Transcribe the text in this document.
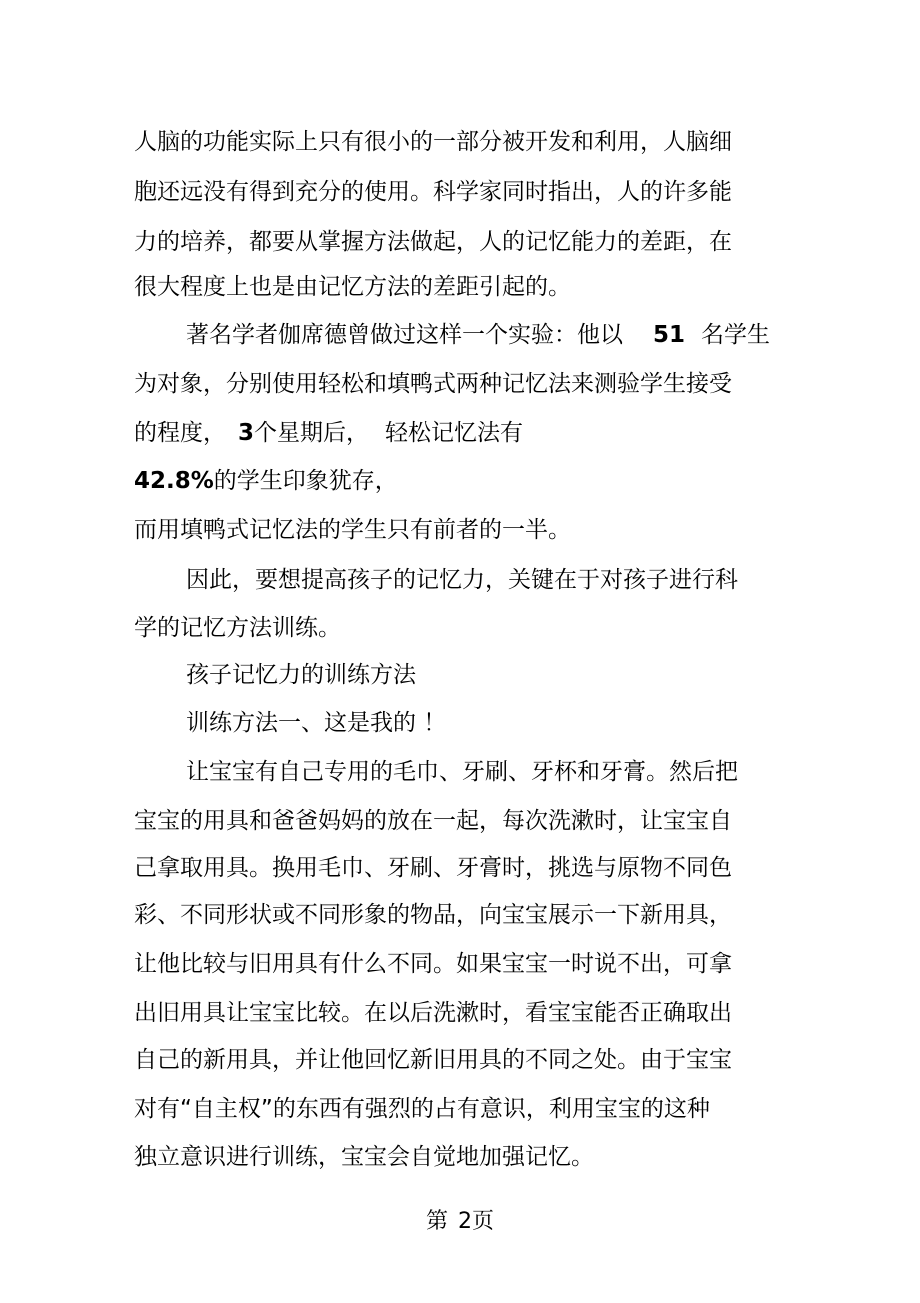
人脑的功能实际上只有很小的一部分被开发和利用，人脑细
胞还远没有得到充分的使用。科学家同时指出，人的许多能
力的培养，都要从掌握方法做起，人的记忆能力的差距，在
很大程度上也是由记忆方法的差距引起的。
著名学者伽席德曾做过这样一个实验：他以 51 名学生
为对象，分别使用轻松和填鸭式两种记忆法来测验学生接受
的程度， 3个星期后， 轻松记忆法有
42.8%的学生印象犹存，
而用填鸭式记忆法的学生只有前者的一半。
因此，要想提高孩子的记忆力，关键在于对孩子进行科
学的记忆方法训练。
孩子记忆力的训练方法
训练方法一、这是我的 ！
让宝宝有自己专用的毛巾、牙刷、牙杯和牙膏。然后把
宝宝的用具和爸爸妈妈的放在一起，每次洗漱时，让宝宝自
己拿取用具。换用毛巾、牙刷、牙膏时，挑选与原物不同色
彩、不同形状或不同形象的物品，向宝宝展示一下新用具，
让他比较与旧用具有什么不同。如果宝宝一时说不出，可拿
出旧用具让宝宝比较。在以后洗漱时，看宝宝能否正确取出
自己的新用具，并让他回忆新旧用具的不同之处。由于宝宝
对有“自主权”的东西有强烈的占有意识，利用宝宝的这种
独立意识进行训练，宝宝会自觉地加强记忆。
第 2页
